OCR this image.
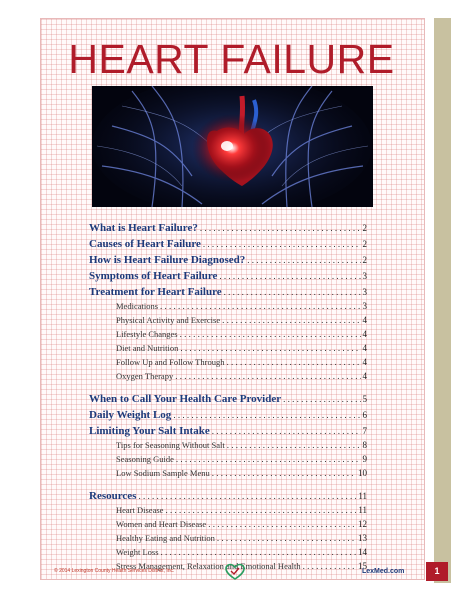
HEART FAILURE
What is Heart Failure? . . .	2
Causes of Heart Failure . . .	2
How is Heart Failure Diagnosed? . . .	2
Symptoms of Heart Failure . . .	3
Treatment for Heart Failure . . .	3
Medications . . .	3
Physical Activity and Exercise . . .	4
Lifestyle Changes . . .	4
Diet and Nutrition . . .	4
Follow Up and Follow Through . . .	4
Oxygen Therapy . . .	4
When to Call Your Health Care Provider . . .	5
Daily Weight Log . . .	6
Limiting Your Salt Intake . . .	7
Tips for Seasoning Without Salt . . .	8
Seasoning Guide . . .	9
Low Sodium Sample Menu . . .	10
Resources . . .	11
Heart Disease . . .	11
Women and Heart Disease . . .	12
Healthy Eating and Nutrition . . .	13
Weight Loss . . .	14
Stress Management, Relaxation and Emotional Health . . .	15
© 2014 Lexington County Health Services District, Inc.	LexMed.com	1
